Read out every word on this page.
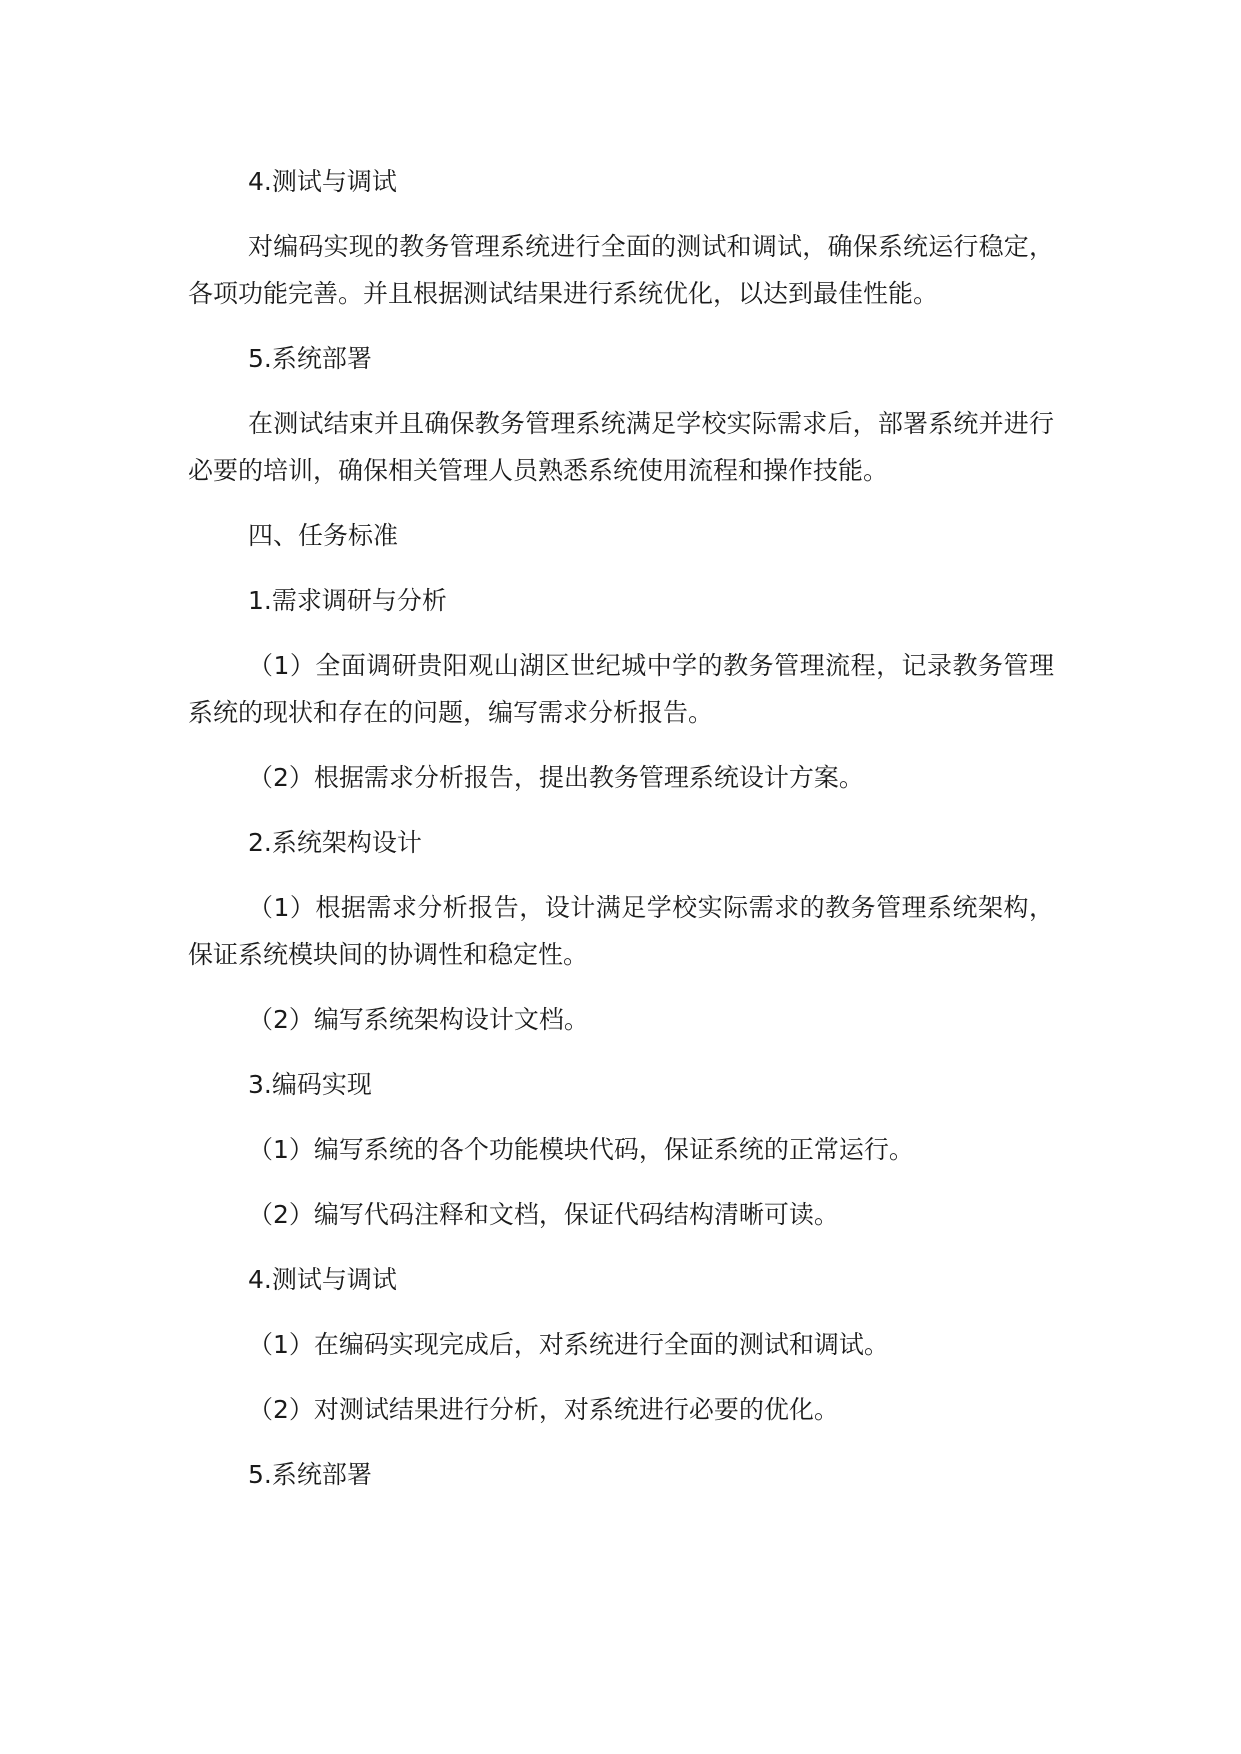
4.测试与调试

对编码实现的教务管理系统进行全面的测试和调试，确保系统运行稳定，各项功能完善。并且根据测试结果进行系统优化，以达到最佳性能。

5.系统部署

在测试结束并且确保教务管理系统满足学校实际需求后，部署系统并进行必要的培训，确保相关管理人员熟悉系统使用流程和操作技能。

四、任务标准

1.需求调研与分析

（1）全面调研贵阳观山湖区世纪城中学的教务管理流程，记录教务管理系统的现状和存在的问题，编写需求分析报告。

（2）根据需求分析报告，提出教务管理系统设计方案。

2.系统架构设计

（1）根据需求分析报告，设计满足学校实际需求的教务管理系统架构，保证系统模块间的协调性和稳定性。

（2）编写系统架构设计文档。

3.编码实现

（1）编写系统的各个功能模块代码，保证系统的正常运行。

（2）编写代码注释和文档，保证代码结构清晰可读。

4.测试与调试

（1）在编码实现完成后，对系统进行全面的测试和调试。

（2）对测试结果进行分析，对系统进行必要的优化。

5.系统部署
